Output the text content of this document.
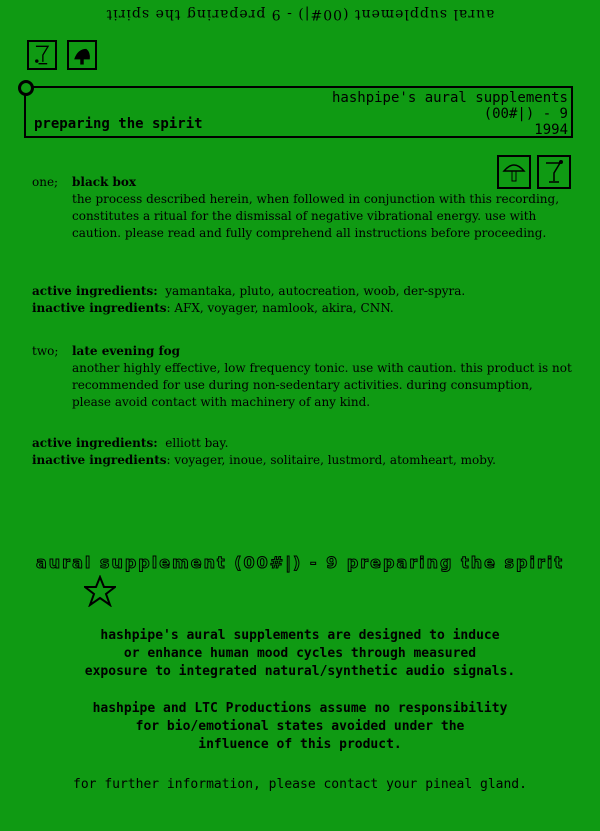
aural supplement (00#|) - 9 preparing the spirit
hashpipe's aural supplements
(00#|) - 9
1994
preparing the spirit
one; black box
the process described herein, when followed in conjunction with this recording, constitutes a ritual for the dismissal of negative vibrational energy. use with caution. please read and fully comprehend all instructions before proceeding.
active ingredients: yamantaka, pluto, autocreation, woob, der-spyra.
inactive ingredients: AFX, voyager, namlook, akira, CNN.
two; late evening fog
another highly effective, low frequency tonic. use with caution. this product is not recommended for use during non-sedentary activities. during consumption, please avoid contact with machinery of any kind.
active ingredients: elliott bay.
inactive ingredients: voyager, inoue, solitaire, lustmord, atomheart, moby.
aural supplement (00#|) - 9 preparing the spirit
hashpipe's aural supplements are designed to induce
or enhance human mood cycles through measured
exposure to integrated natural/synthetic audio signals.
hashpipe and LTC Productions assume no responsibility
for bio/emotional states avoided under the
influence of this product.
for further information, please contact your pineal gland.
